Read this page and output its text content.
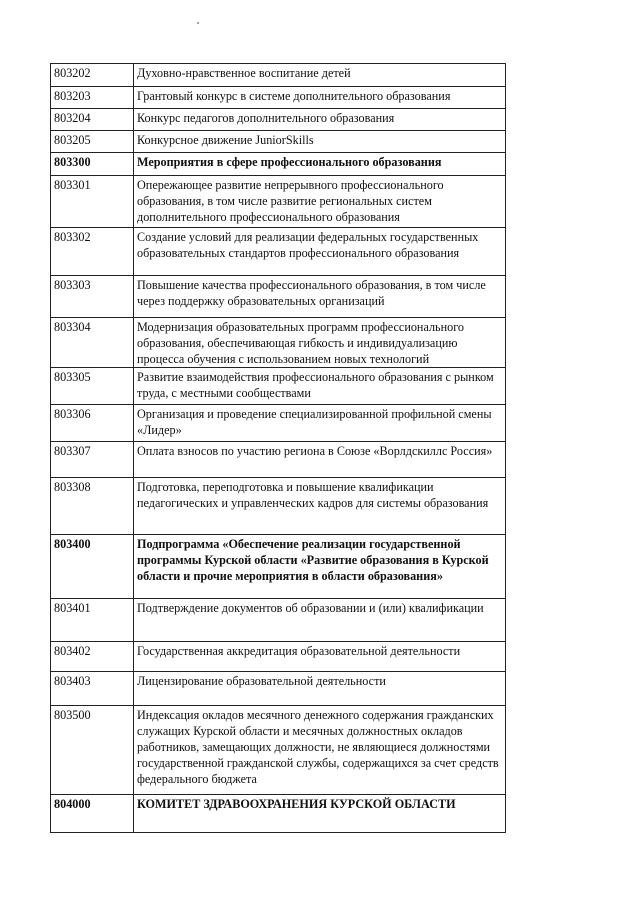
803202	Духовно-нравственное воспитание детей
803203	Грантовый конкурс в системе дополнительного образования
803204	Конкурс педагогов дополнительного образования
803205	Конкурсное движение JuniorSkills
803300	Мероприятия в сфере профессионального образования
803301	Опережающее развитие непрерывного профессионального образования, в том числе развитие региональных систем дополнительного профессионального образования
803302	Создание условий для реализации федеральных государственных образовательных стандартов профессионального образования
803303	Повышение качества профессионального образования, в том числе через поддержку образовательных организаций
803304	Модернизация образовательных программ профессионального образования, обеспечивающая гибкость и индивидуализацию процесса обучения с использованием новых технологий
803305	Развитие взаимодействия профессионального образования с рынком труда, с местными сообществами
803306	Организация и проведение специализированной профильной смены «Лидер»
803307	Оплата взносов по участию региона в Союзе «Ворлдскиллс Россия»
803308	Подготовка, переподготовка и повышение квалификации педагогических и управленческих кадров для системы образования
803400	Подпрограмма «Обеспечение реализации государственной программы Курской области «Развитие образования в Курской области и прочие мероприятия в области образования»
803401	Подтверждение документов об образовании и (или) квалификации
803402	Государственная аккредитация образовательной деятельности
803403	Лицензирование образовательной деятельности
803500	Индексация окладов месячного денежного содержания гражданских служащих Курской области и месячных должностных окладов работников, замещающих должности, не являющиеся должностями государственной гражданской службы, содержащихся за счет средств федерального бюджета
804000	КОМИТЕТ ЗДРАВООХРАНЕНИЯ КУРСКОЙ ОБЛАСТИ
